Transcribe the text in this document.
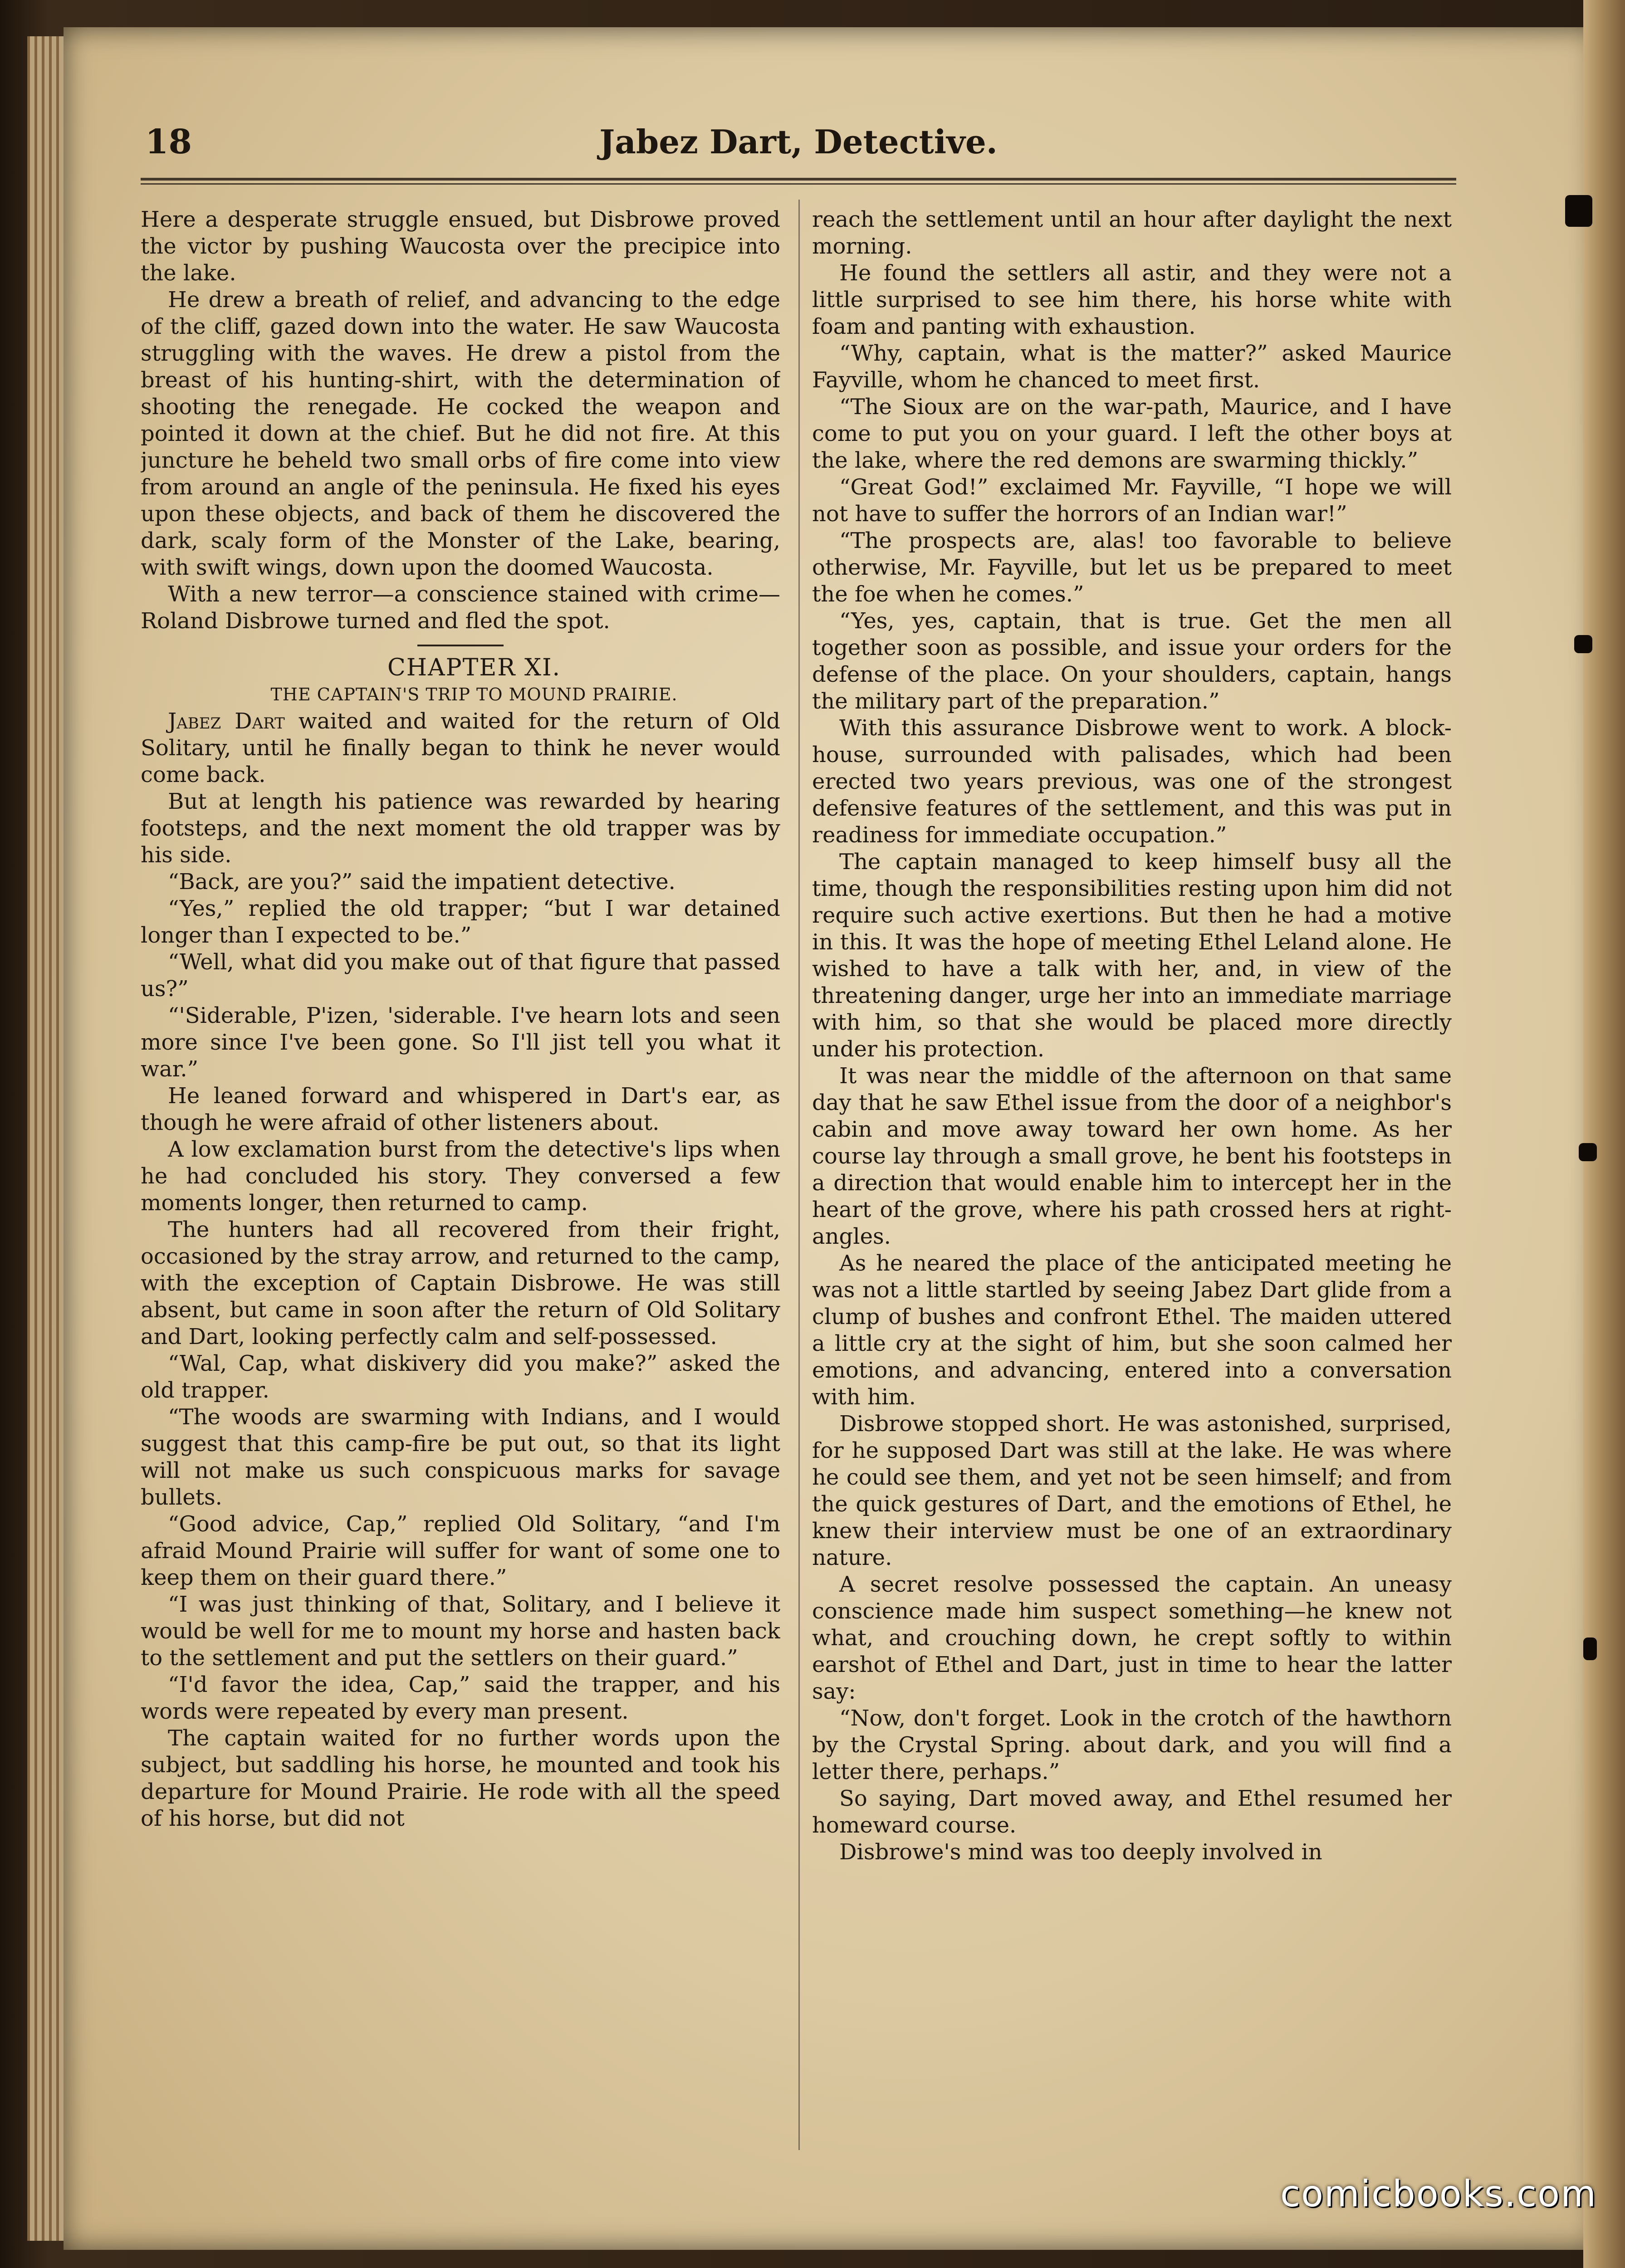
18	Jabez Dart, Detective.

Here a desperate struggle ensued, but Disbrowe proved the victor by pushing Waucosta over the precipice into the lake.

He drew a breath of relief, and advancing to the edge of the cliff, gazed down into the water. He saw Waucosta struggling with the waves. He drew a pistol from the breast of his hunting-shirt, with the determination of shooting the renegade. He cocked the weapon and pointed it down at the chief. But he did not fire. At this juncture he beheld two small orbs of fire come into view from around an angle of the peninsula. He fixed his eyes upon these objects, and back of them he discovered the dark, scaly form of the Monster of the Lake, bearing, with swift wings, down upon the doomed Waucosta.

With a new terror—a conscience stained with crime—Roland Disbrowe turned and fled the spot.

CHAPTER XI.

THE CAPTAIN'S TRIP TO MOUND PRAIRIE.

Jabez Dart waited and waited for the return of Old Solitary, until he finally began to think he never would come back.

But at length his patience was rewarded by hearing footsteps, and the next moment the old trapper was by his side.

“Back, are you?” said the impatient detective.

“Yes,” replied the old trapper; “but I war detained longer than I expected to be.”

“Well, what did you make out of that figure that passed us?”

“'Siderable, P'izen, 'siderable. I've hearn lots and seen more since I've been gone. So I'll jist tell you what it war.”

He leaned forward and whispered in Dart's ear, as though he were afraid of other listeners about.

A low exclamation burst from the detective's lips when he had concluded his story. They conversed a few moments longer, then returned to camp.

The hunters had all recovered from their fright, occasioned by the stray arrow, and returned to the camp, with the exception of Captain Disbrowe. He was still absent, but came in soon after the return of Old Solitary and Dart, looking perfectly calm and self-possessed.

“Wal, Cap, what diskivery did you make?” asked the old trapper.

“The woods are swarming with Indians, and I would suggest that this camp-fire be put out, so that its light will not make us such conspicuous marks for savage bullets.

“Good advice, Cap,” replied Old Solitary, “and I'm afraid Mound Prairie will suffer for want of some one to keep them on their guard there.”

“I was just thinking of that, Solitary, and I believe it would be well for me to mount my horse and hasten back to the settlement and put the settlers on their guard.”

“I'd favor the idea, Cap,” said the trapper, and his words were repeated by every man present.

The captain waited for no further words upon the subject, but saddling his horse, he mounted and took his departure for Mound Prairie. He rode with all the speed of his horse, but did not

reach the settlement until an hour after daylight the next morning.

He found the settlers all astir, and they were not a little surprised to see him there, his horse white with foam and panting with exhaustion.

“Why, captain, what is the matter?” asked Maurice Fayville, whom he chanced to meet first.

“The Sioux are on the war-path, Maurice, and I have come to put you on your guard. I left the other boys at the lake, where the red demons are swarming thickly.”

“Great God!” exclaimed Mr. Fayville, “I hope we will not have to suffer the horrors of an Indian war!”

“The prospects are, alas! too favorable to believe otherwise, Mr. Fayville, but let us be prepared to meet the foe when he comes.”

“Yes, yes, captain, that is true. Get the men all together soon as possible, and issue your orders for the defense of the place. On your shoulders, captain, hangs the military part of the preparation.”

With this assurance Disbrowe went to work. A block-house, surrounded with palisades, which had been erected two years previous, was one of the strongest defensive features of the settlement, and this was put in readiness for immediate occupation.”

The captain managed to keep himself busy all the time, though the responsibilities resting upon him did not require such active exertions. But then he had a motive in this. It was the hope of meeting Ethel Leland alone. He wished to have a talk with her, and, in view of the threatening danger, urge her into an immediate marriage with him, so that she would be placed more directly under his protection.

It was near the middle of the afternoon on that same day that he saw Ethel issue from the door of a neighbor's cabin and move away toward her own home. As her course lay through a small grove, he bent his footsteps in a direction that would enable him to intercept her in the heart of the grove, where his path crossed hers at right-angles.

As he neared the place of the anticipated meeting he was not a little startled by seeing Jabez Dart glide from a clump of bushes and confront Ethel. The maiden uttered a little cry at the sight of him, but she soon calmed her emotions, and advancing, entered into a conversation with him.

Disbrowe stopped short. He was astonished, surprised, for he supposed Dart was still at the lake. He was where he could see them, and yet not be seen himself; and from the quick gestures of Dart, and the emotions of Ethel, he knew their interview must be one of an extraordinary nature.

A secret resolve possessed the captain. An uneasy conscience made him suspect something—he knew not what, and crouching down, he crept softly to within earshot of Ethel and Dart, just in time to hear the latter say:

“Now, don't forget. Look in the crotch of the hawthorn by the Crystal Spring. about dark, and you will find a letter there, perhaps.”

So saying, Dart moved away, and Ethel resumed her homeward course.

Disbrowe's mind was too deeply involved in

comicbooks.com
